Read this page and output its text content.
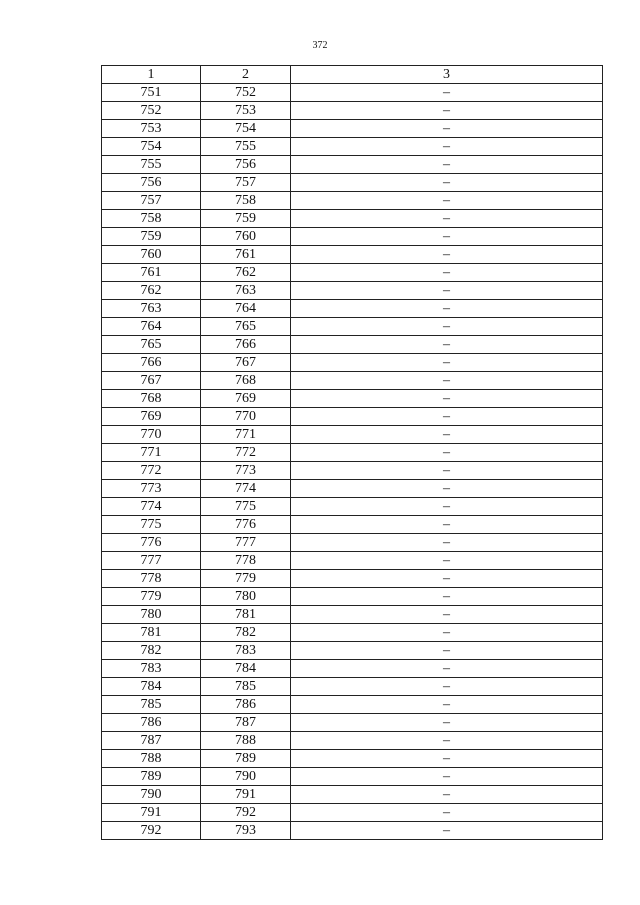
372
1	2	3
751	752	–
752	753	–
753	754	–
754	755	–
755	756	–
756	757	–
757	758	–
758	759	–
759	760	–
760	761	–
761	762	–
762	763	–
763	764	–
764	765	–
765	766	–
766	767	–
767	768	–
768	769	–
769	770	–
770	771	–
771	772	–
772	773	–
773	774	–
774	775	–
775	776	–
776	777	–
777	778	–
778	779	–
779	780	–
780	781	–
781	782	–
782	783	–
783	784	–
784	785	–
785	786	–
786	787	–
787	788	–
788	789	–
789	790	–
790	791	–
791	792	–
792	793	–
